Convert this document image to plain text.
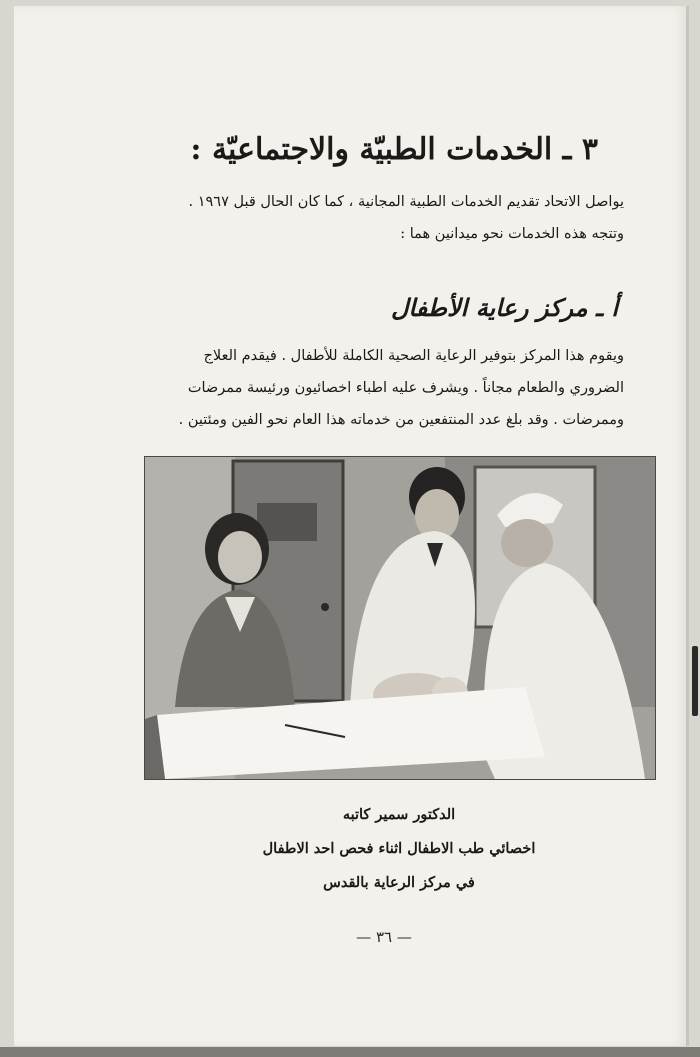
٣ ـ الخدمات الطبيّة والاجتماعيّة :
يواصل الاتحاد تقديم الخدمات الطبية المجانية ، كما كان الحال قبل ١٩٦٧ .
وتتجه هذه الخدمات نحو ميدانين هما :
أ ـ مركز رعاية الأطفال
ويقوم هذا المركز بتوفير الرعاية الصحية الكاملة للأطفال . فيقدم العلاج
الضروري والطعام مجاناً . ويشرف عليه اطباء اخصائيون ورئيسة ممرضات
وممرضات . وقد بلغ عدد المنتفعين من خدماته هذا العام نحو الفين ومئتين .
الدكتور سمير كاتبه
اخصائي طب الاطفال اثناء فحص احد الاطفال
في مركز الرعاية بالقدس
— ٣٦ —
